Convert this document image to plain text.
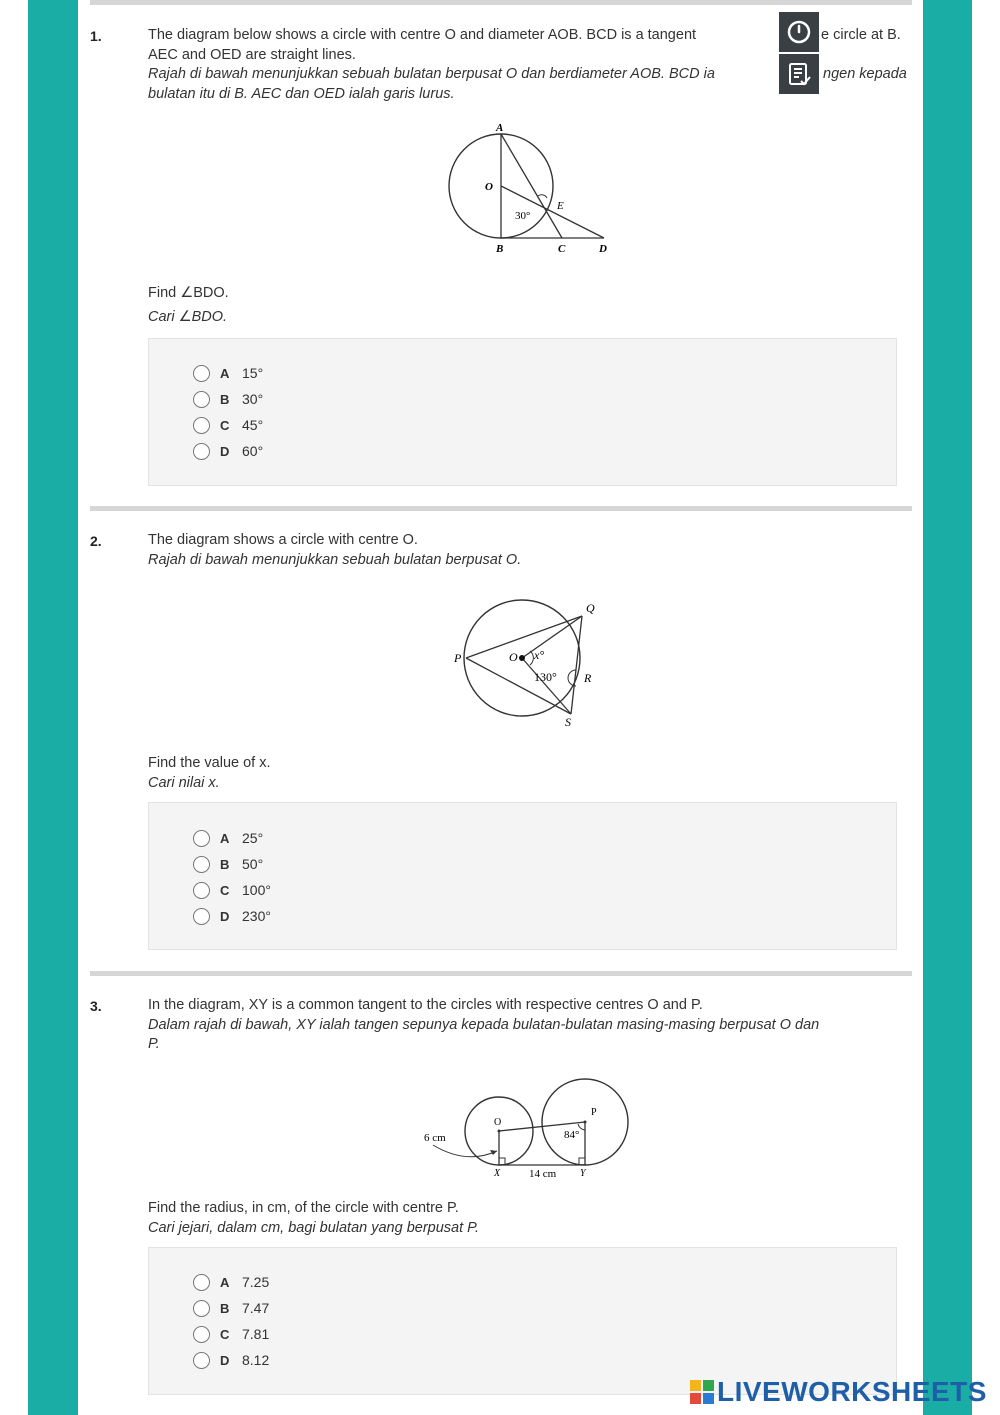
1.	The diagram below shows a circle with centre O and diameter AOB. BCD is a tangent	e circle at B.
AEC and OED are straight lines.
Rajah di bawah menunjukkan sebuah bulatan berpusat O dan berdiameter AOB. BCD ia	ngen kepada
bulatan itu di B. AEC dan OED ialah garis lurus.
A
O
E
30°
B	C	D
Find ∠BDO.
Cari ∠BDO.
A 15°
B 30°
C 45°
D 60°
2.	The diagram shows a circle with centre O.
Rajah di bawah menunjukkan sebuah bulatan berpusat O.
P	O x°
130°
Q
R
S
Find the value of x.
Cari nilai x.
A 25°
B 50°
C 100°
D 230°
3.	In the diagram, XY is a common tangent to the circles with respective centres O and P.
Dalam rajah di bawah, XY ialah tangen sepunya kepada bulatan-bulatan masing-masing berpusat O dan
P.
O
P
6 cm	84°
X	14 cm Y
Find the radius, in cm, of the circle with centre P.
Cari jejari, dalam cm, bagi bulatan yang berpusat P.
A 7.25
B 7.47
C 7.81
D 8.12
LIVEWORKSHEETS
